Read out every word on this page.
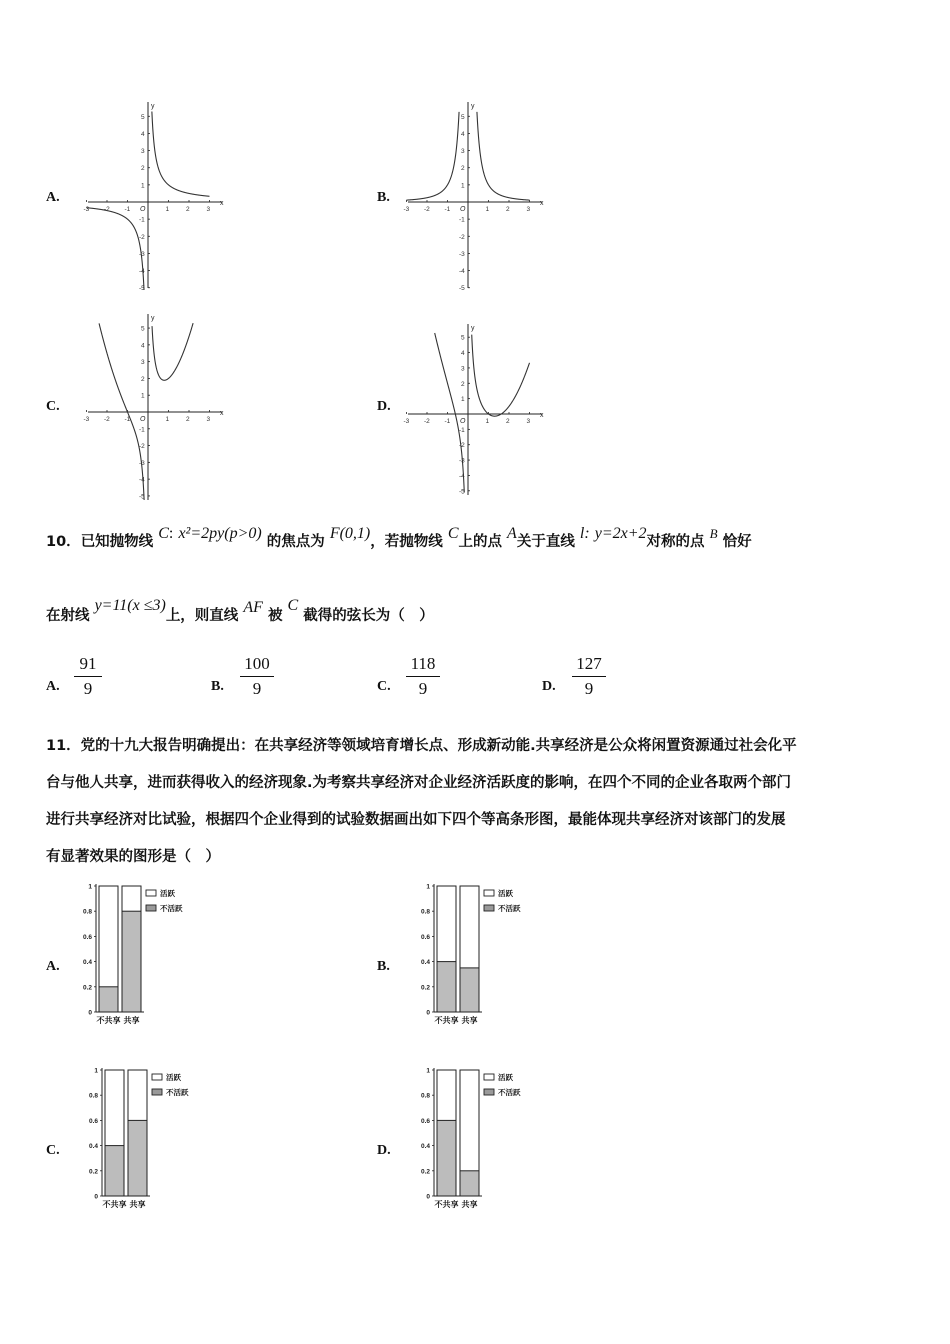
A.	B.
C.	D.
x
y
O
-3 -2 -1	1	2	3
1
-1
2
-2
3
-3
4
-4
5
-5
x
y
O
-3 -2 -1	1	2	3
1
-1
2
-2
3
-3
4
-4
5
-5
x
y
O
-3 -2 -1	1	2	3
1
-1
2
-2
3
-3
4
-4
5
-5
x
y
O
-3 -2 -1	1	2	3
1
-1
2
-2
3
-3
4
-4
5
-5
10．已知抛物线 C: x²=2py(p>0) 的焦点为 F(0,1)，若抛物线 C上的点 A关于直线 l: y=2x+2对称的点 B 恰好
在射线 y=11(x ≤3)上，则直线 AF 被 C 截得的弦长为（　）
A.
91
9	B.
100
9	C.
118
9	D.
127
9
11．党的十九大报告明确提出：在共享经济等领域培育增长点、形成新动能.共享经济是公众将闲置资源通过社会化平
台与他人共享，进而获得收入的经济现象.为考察共享经济对企业经济活跃度的影响，在四个不同的企业各取两个部门
进行共享经济对比试验，根据四个企业得到的试验数据画出如下四个等高条形图，最能体现共享经济对该部门的发展
有显著效果的图形是（　）
A.	B.
C.	D.
0
0.2
0.4
0.6
0.8
1
不共享 共享
活跃
不活跃
0
0.2
0.4
0.6
0.8
1
不共享 共享
活跃
不活跃
0
0.2
0.4
0.6
0.8
1
不共享 共享
活跃
不活跃
0
0.2
0.4
0.6
0.8
1
不共享 共享
活跃
不活跃
